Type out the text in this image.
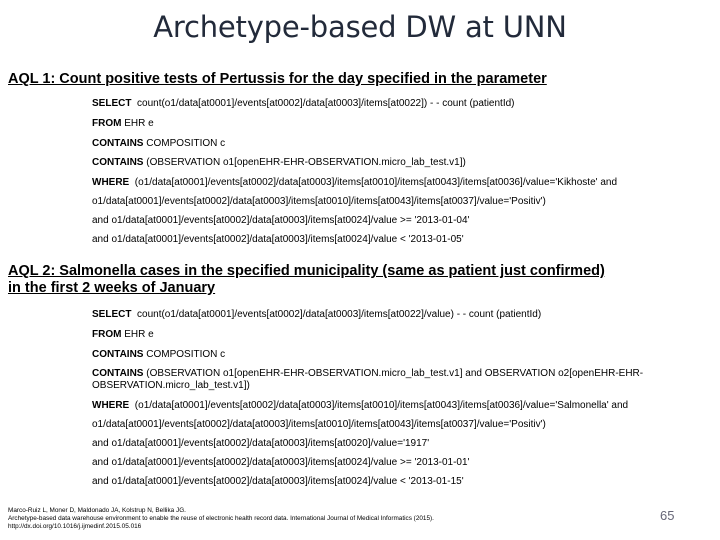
Archetype-based DW at UNN
AQL 1: Count positive tests of Pertussis for the day specified in the parameter
SELECT count(o1/data[at0001]/events[at0002]/data[at0003]/items[at0022]) - - count (patientId)
FROM EHR e
CONTAINS COMPOSITION c
CONTAINS (OBSERVATION o1[openEHR-EHR-OBSERVATION.micro_lab_test.v1])
WHERE (o1/data[at0001]/events[at0002]/data[at0003]/items[at0010]/items[at0043]/items[at0036]/value='Kikhoste' and
o1/data[at0001]/events[at0002]/data[at0003]/items[at0010]/items[at0043]/items[at0037]/value='Positiv')
and o1/data[at0001]/events[at0002]/data[at0003]/items[at0024]/value >= '2013-01-04'
and o1/data[at0001]/events[at0002]/data[at0003]/items[at0024]/value < '2013-01-05'
AQL 2: Salmonella cases in the specified municipality (same as patient just confirmed)
in the first 2 weeks of January
SELECT count(o1/data[at0001]/events[at0002]/data[at0003]/items[at0022]/value) - - count (patientId)
FROM EHR e
CONTAINS COMPOSITION c
CONTAINS (OBSERVATION o1[openEHR-EHR-OBSERVATION.micro_lab_test.v1] and OBSERVATION o2[openEHR-EHR-OBSERVATION.micro_lab_test.v1])
WHERE (o1/data[at0001]/events[at0002]/data[at0003]/items[at0010]/items[at0043]/items[at0036]/value='Salmonella' and
o1/data[at0001]/events[at0002]/data[at0003]/items[at0010]/items[at0043]/items[at0037]/value='Positiv')
and o1/data[at0001]/events[at0002]/data[at0003]/items[at0020]/value='1917'
and o1/data[at0001]/events[at0002]/data[at0003]/items[at0024]/value >= '2013-01-01'
and o1/data[at0001]/events[at0002]/data[at0003]/items[at0024]/value < '2013-01-15'
Marco-Ruiz L, Moner D, Maldonado JA, Kolstrup N, Bellika JG.
Archetype-based data warehouse environment to enable the reuse of electronic health record data. International Journal of Medical Informatics (2015).
http://dx.doi.org/10.1016/j.ijmedinf.2015.05.016
65
